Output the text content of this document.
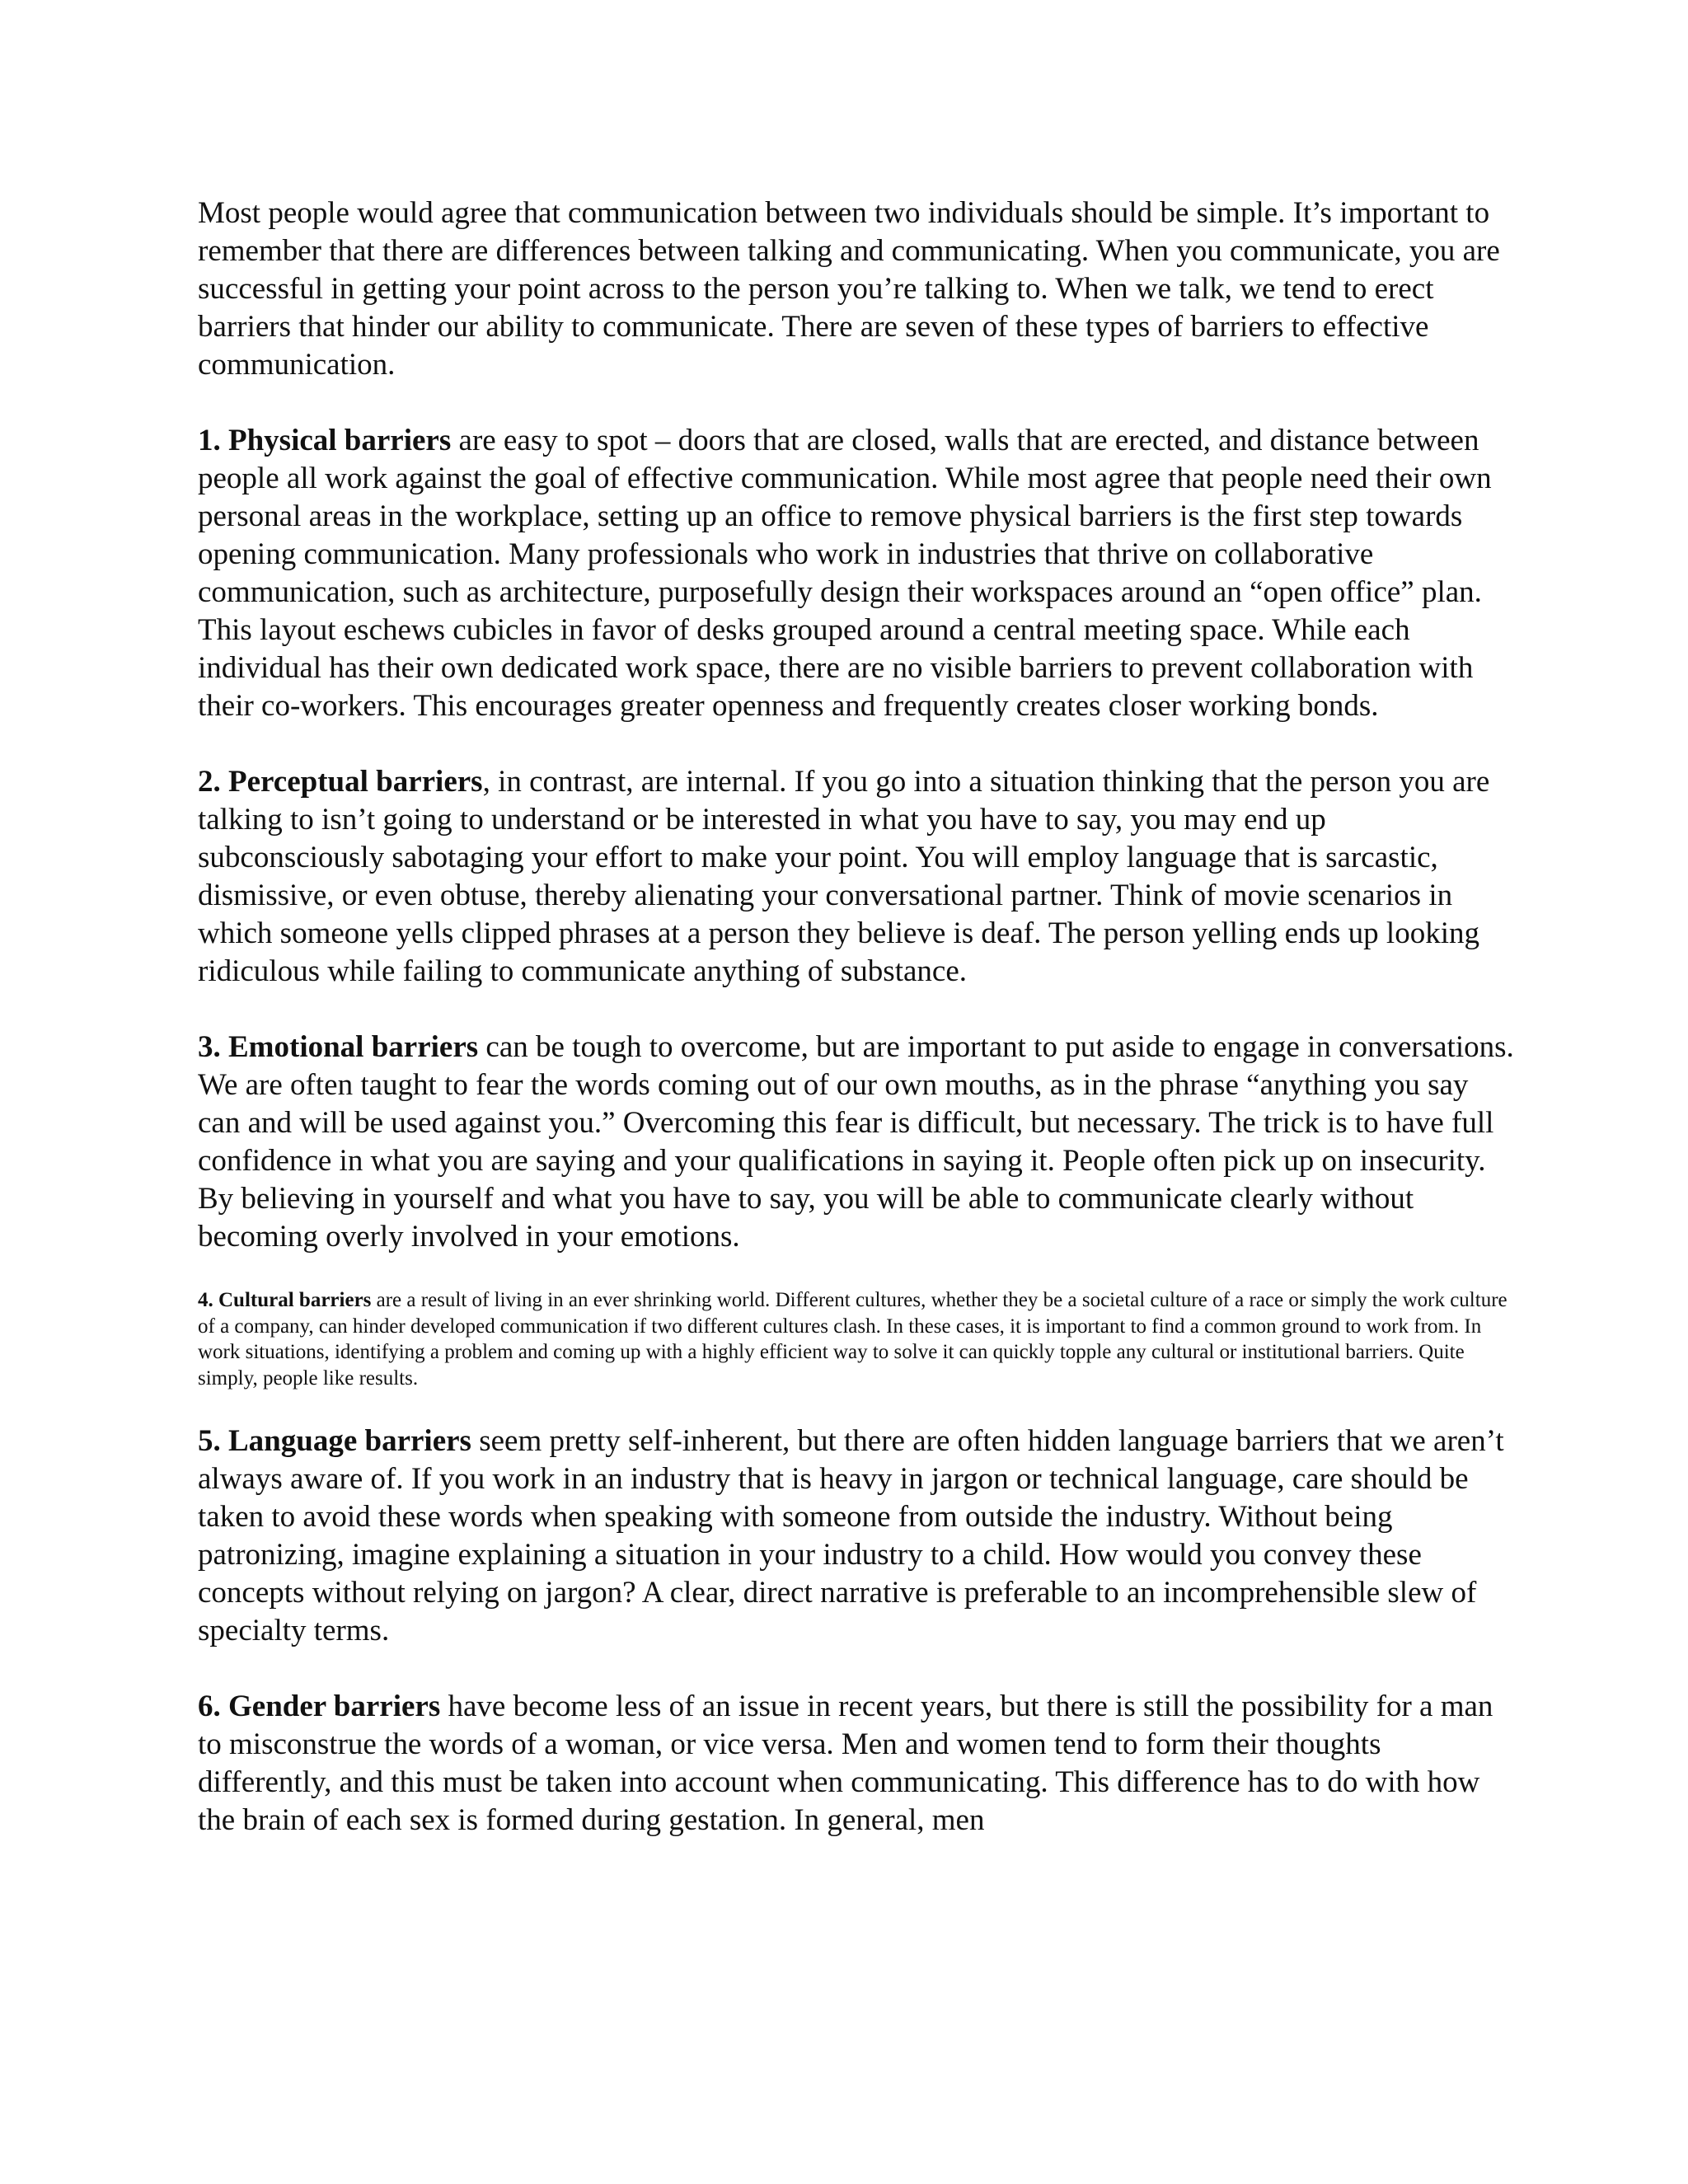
Most people would agree that communication between two individuals should be simple. It’s important to remember that there are differences between talking and communicating. When you communicate, you are successful in getting your point across to the person you’re talking to. When we talk, we tend to erect barriers that hinder our ability to communicate. There are seven of these types of barriers to effective communication.

1. Physical barriers are easy to spot – doors that are closed, walls that are erected, and distance between people all work against the goal of effective communication. While most agree that people need their own personal areas in the workplace, setting up an office to remove physical barriers is the first step towards opening communication. Many professionals who work in industries that thrive on collaborative communication, such as architecture, purposefully design their workspaces around an “open office” plan. This layout eschews cubicles in favor of desks grouped around a central meeting space. While each individual has their own dedicated work space, there are no visible barriers to prevent collaboration with their co-workers. This encourages greater openness and frequently creates closer working bonds.

2. Perceptual barriers, in contrast, are internal. If you go into a situation thinking that the person you are talking to isn’t going to understand or be interested in what you have to say, you may end up subconsciously sabotaging your effort to make your point. You will employ language that is sarcastic, dismissive, or even obtuse, thereby alienating your conversational partner. Think of movie scenarios in which someone yells clipped phrases at a person they believe is deaf. The person yelling ends up looking ridiculous while failing to communicate anything of substance.

3. Emotional barriers can be tough to overcome, but are important to put aside to engage in conversations. We are often taught to fear the words coming out of our own mouths, as in the phrase “anything you say can and will be used against you.” Overcoming this fear is difficult, but necessary. The trick is to have full confidence in what you are saying and your qualifications in saying it. People often pick up on insecurity. By believing in yourself and what you have to say, you will be able to communicate clearly without becoming overly involved in your emotions.

4. Cultural barriers are a result of living in an ever shrinking world. Different cultures, whether they be a societal culture of a race or simply the work culture of a company, can hinder developed communication if two different cultures clash. In these cases, it is important to find a common ground to work from. In work situations, identifying a problem and coming up with a highly efficient way to solve it can quickly topple any cultural or institutional barriers. Quite simply, people like results.

5. Language barriers seem pretty self-inherent, but there are often hidden language barriers that we aren’t always aware of. If you work in an industry that is heavy in jargon or technical language, care should be taken to avoid these words when speaking with someone from outside the industry. Without being patronizing, imagine explaining a situation in your industry to a child. How would you convey these concepts without relying on jargon? A clear, direct narrative is preferable to an incomprehensible slew of specialty terms.

6. Gender barriers have become less of an issue in recent years, but there is still the possibility for a man to misconstrue the words of a woman, or vice versa. Men and women tend to form their thoughts differently, and this must be taken into account when communicating. This difference has to do with how the brain of each sex is formed during gestation. In general, men
